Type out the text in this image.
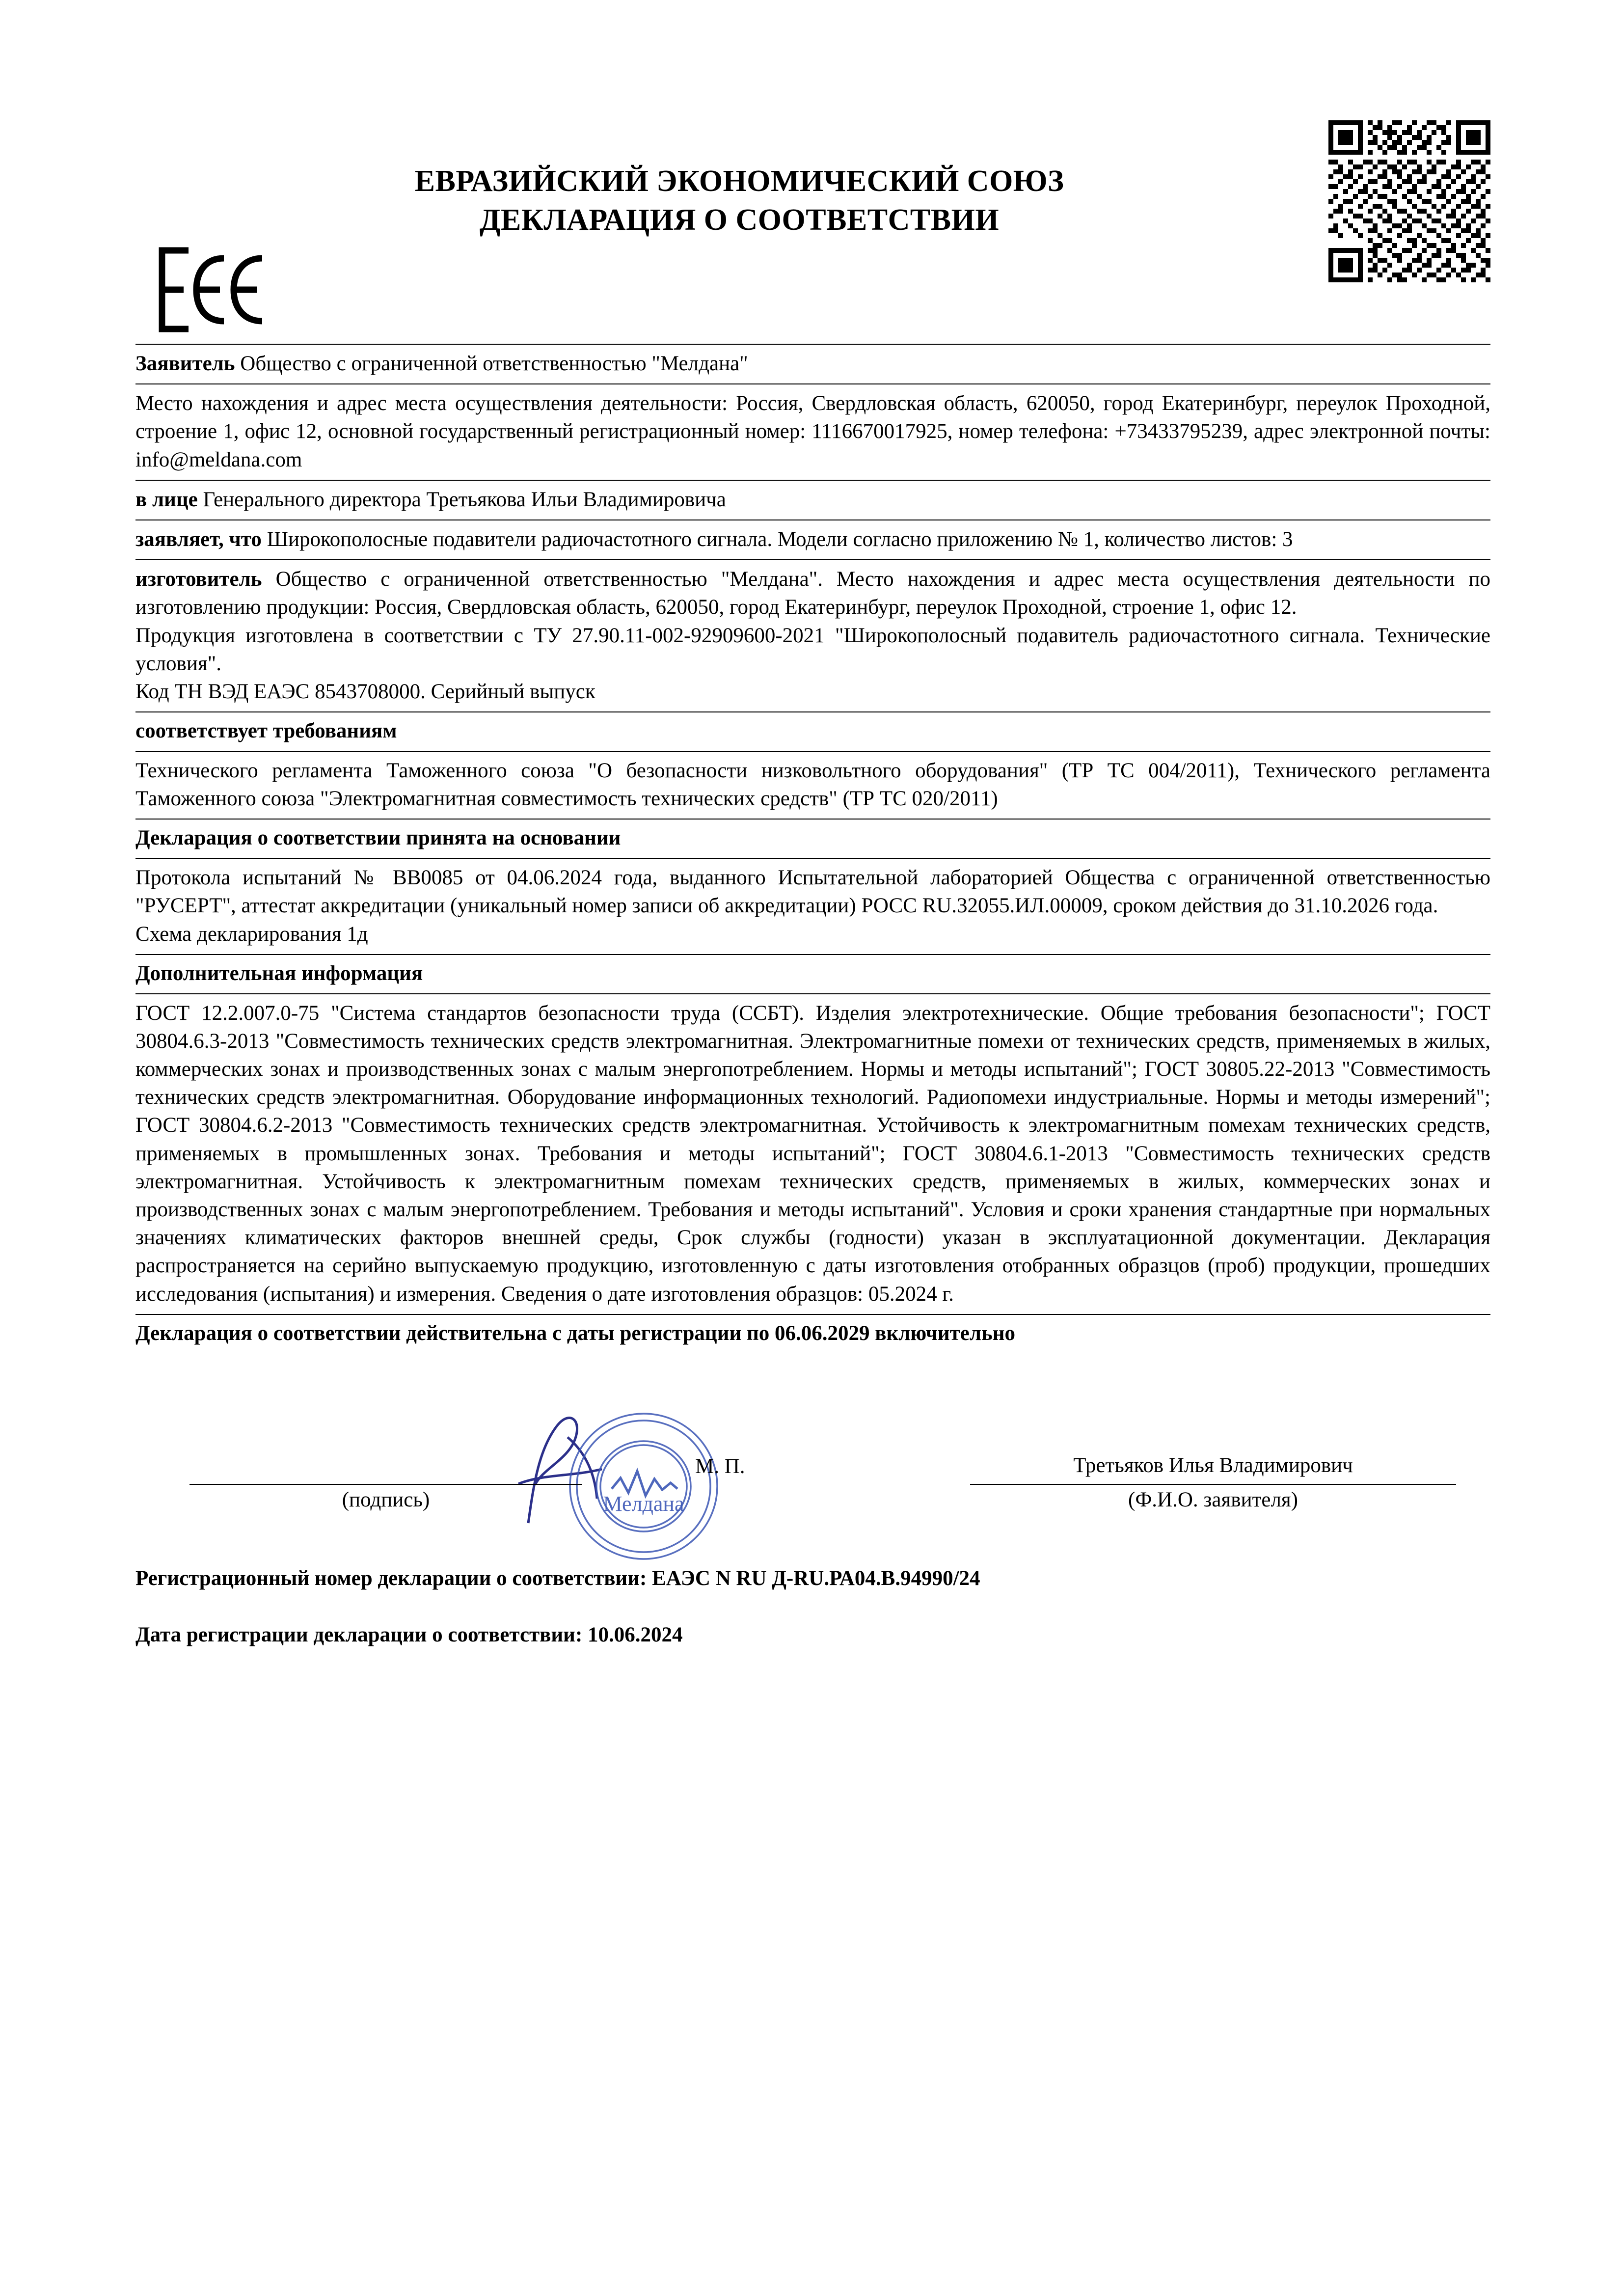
ЕВРАЗИЙСКИЙ ЭКОНОМИЧЕСКИЙ СОЮЗ
ДЕКЛАРАЦИЯ О СООТВЕТСТВИИ
Заявитель Общество с ограниченной ответственностью "Мелдана"
Место нахождения и адрес места осуществления деятельности: Россия, Свердловская область, 620050, город Екатеринбург, переулок Проходной, строение 1, офис 12, основной государственный регистрационный номер: 1116670017925, номер телефона: +73433795239, адрес электронной почты: info@meldana.com
в лице Генерального директора Третьякова Ильи Владимировича
заявляет, что Широкополосные подавители радиочастотного сигнала. Модели согласно приложению № 1, количество листов: 3
изготовитель Общество с ограниченной ответственностью "Мелдана". Место нахождения и адрес места осуществления деятельности по изготовлению продукции: Россия, Свердловская область, 620050, город Екатеринбург, переулок Проходной, строение 1, офис 12.
Продукция изготовлена в соответствии с ТУ 27.90.11-002-92909600-2021 "Широкополосный подавитель радиочастотного сигнала. Технические условия".
Код ТН ВЭД ЕАЭС 8543708000. Серийный выпуск
соответствует требованиям
Технического регламента Таможенного союза "О безопасности низковольтного оборудования" (ТР ТС 004/2011), Технического регламента Таможенного союза "Электромагнитная совместимость технических средств" (ТР ТС 020/2011)
Декларация о соответствии принята на основании
Протокола испытаний № ВВ0085 от 04.06.2024 года, выданного Испытательной лабораторией Общества с ограниченной ответственностью "РУСЕРТ", аттестат аккредитации (уникальный номер записи об аккредитации) РОСС RU.32055.ИЛ.00009, сроком действия до 31.10.2026 года.
Схема декларирования 1д
Дополнительная информация
ГОСТ 12.2.007.0-75 "Система стандартов безопасности труда (ССБТ). Изделия электротехнические. Общие требования безопасности"; ГОСТ 30804.6.3-2013 "Совместимость технических средств электромагнитная. Электромагнитные помехи от технических средств, применяемых в жилых, коммерческих зонах и производственных зонах с малым энергопотреблением. Нормы и методы испытаний"; ГОСТ 30805.22-2013 "Совместимость технических средств электромагнитная. Оборудование информационных технологий. Радиопомехи индустриальные. Нормы и методы измерений"; ГОСТ 30804.6.2-2013 "Совместимость технических средств электромагнитная. Устойчивость к электромагнитным помехам технических средств, применяемых в промышленных зонах. Требования и методы испытаний"; ГОСТ 30804.6.1-2013 "Совместимость технических средств электромагнитная. Устойчивость к электромагнитным помехам технических средств, применяемых в жилых, коммерческих зонах и производственных зонах с малым энергопотреблением. Требования и методы испытаний". Условия и сроки хранения стандартные при нормальных значениях климатических факторов внешней среды, Срок службы (годности) указан в эксплуатационной документации. Декларация распространяется на серийно выпускаемую продукцию, изготовленную с даты изготовления отобранных образцов (проб) продукции, прошедших исследования (испытания) и измерения. Сведения о дате изготовления образцов: 05.2024 г.
Декларация о соответствии действительна с даты регистрации по 06.06.2029 включительно
Мелдана
М. П.	Третьяков Илья Владимирович
(подпись)	(Ф.И.О. заявителя)
Регистрационный номер декларации о соответствии: ЕАЭС N RU Д-RU.РА04.В.94990/24
Дата регистрации декларации о соответствии: 10.06.2024
